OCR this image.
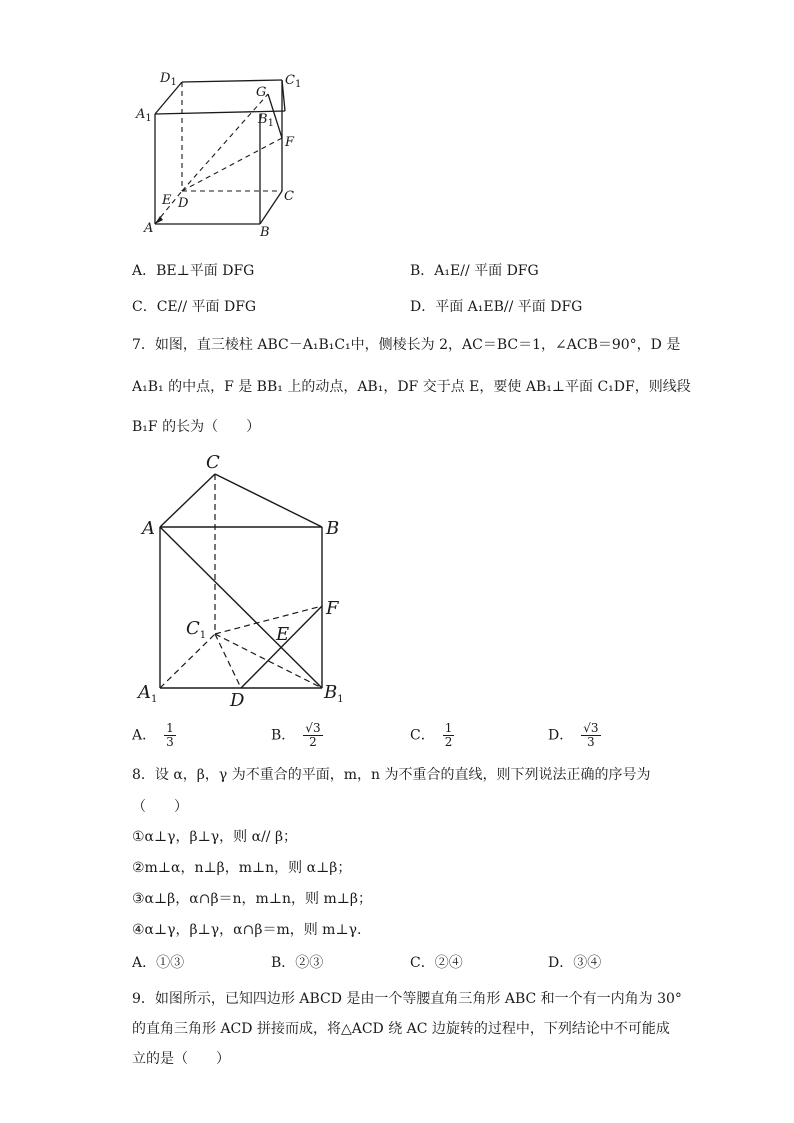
$D_1$
$A_1$
$C_1$
$B_1$
G
F
E D	C
A	B
A．BE⊥平面 DFG	B．A₁E// 平面 DFG
C．CE// 平面 DFG	D．平面 A₁EB// 平面 DFG
7．如图，直三棱柱 ABC－A₁B₁C₁中，侧棱长为 2，AC＝BC＝1，∠ACB＝90°，D 是
A₁B₁ 的中点，F 是 BB₁ 上的动点，AB₁，DF 交于点 E，要使 AB₁⊥平面 C₁DF，则线段
B₁F 的长为（　　）
C
A	B
F
$C_1$	E
$A_1$	D	$B_1$
A． $\frac{1}{3}$	B． $\frac{√3}{2}$	C． $\frac{1}{2}$	D． $\frac{√3}{3}$
8．设 α，β，γ 为不重合的平面，m，n 为不重合的直线，则下列说法正确的序号为
（　　）
①α⊥γ，β⊥γ，则 α// β；
②m⊥α，n⊥β，m⊥n，则 α⊥β；
③α⊥β，α∩β＝n，m⊥n，则 m⊥β；
④α⊥γ，β⊥γ，α∩β＝m，则 m⊥γ.
A．①③	B．②③	C．②④	D．③④
9．如图所示，已知四边形 ABCD 是由一个等腰直角三角形 ABC 和一个有一内角为 30°
的直角三角形 ACD 拼接而成，将△ACD 绕 AC 边旋转的过程中，下列结论中不可能成
立的是（　　）
